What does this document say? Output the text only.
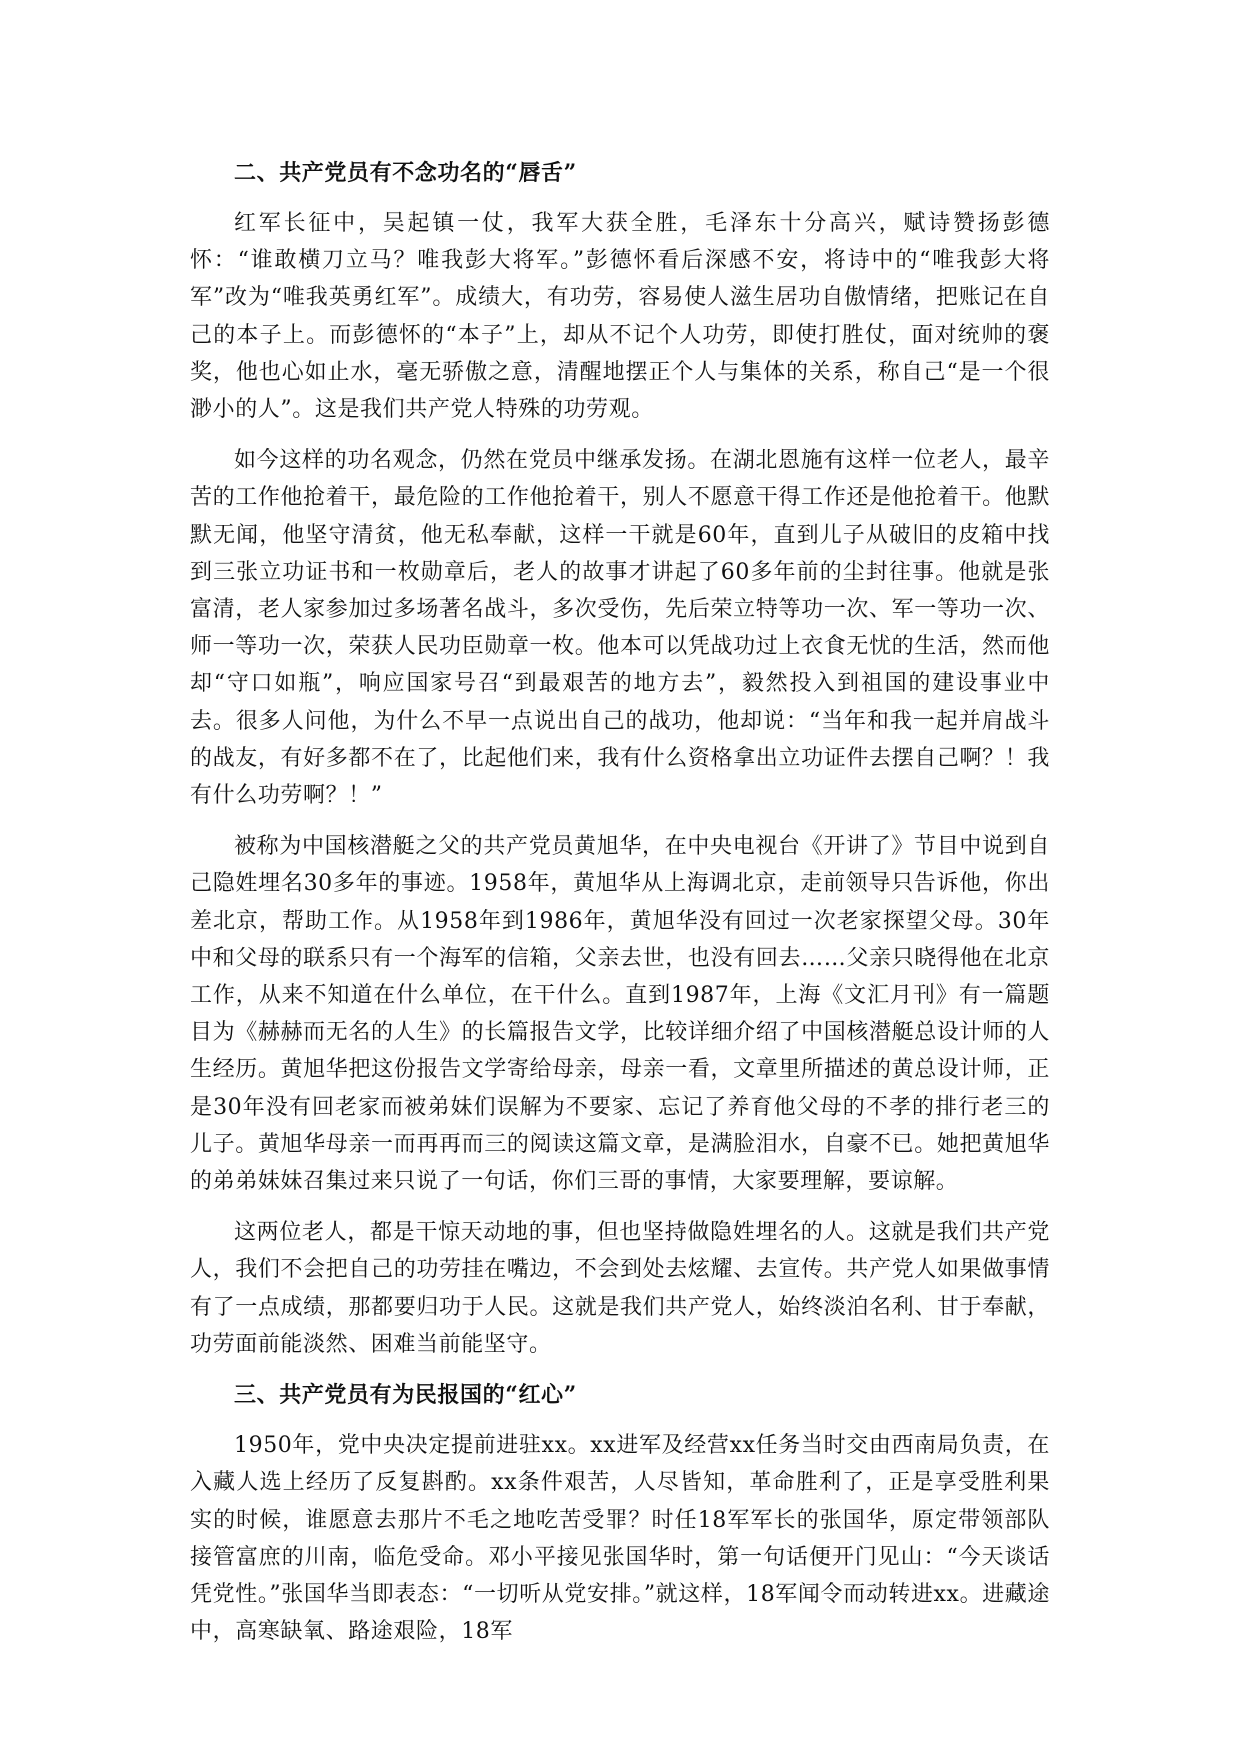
二、共产党员有不念功名的“唇舌”

红军长征中，吴起镇一仗，我军大获全胜，毛泽东十分高兴，赋诗赞扬彭德怀：“谁敢横刀立马？唯我彭大将军。”彭德怀看后深感不安，将诗中的“唯我彭大将军”改为“唯我英勇红军”。成绩大，有功劳，容易使人滋生居功自傲情绪，把账记在自己的本子上。而彭德怀的“本子”上，却从不记个人功劳，即使打胜仗，面对统帅的褒奖，他也心如止水，毫无骄傲之意，清醒地摆正个人与集体的关系，称自己“是一个很渺小的人”。这是我们共产党人特殊的功劳观。

如今这样的功名观念，仍然在党员中继承发扬。在湖北恩施有这样一位老人，最辛苦的工作他抢着干，最危险的工作他抢着干，别人不愿意干得工作还是他抢着干。他默默无闻，他坚守清贫，他无私奉献，这样一干就是60年，直到儿子从破旧的皮箱中找到三张立功证书和一枚勋章后，老人的故事才讲起了60多年前的尘封往事。他就是张富清，老人家参加过多场著名战斗，多次受伤，先后荣立特等功一次、军一等功一次、师一等功一次，荣获人民功臣勋章一枚。他本可以凭战功过上衣食无忧的生活，然而他却“守口如瓶”，响应国家号召“到最艰苦的地方去”，毅然投入到祖国的建设事业中去。很多人问他，为什么不早一点说出自己的战功，他却说：“当年和我一起并肩战斗的战友，有好多都不在了，比起他们来，我有什么资格拿出立功证件去摆自己啊？！我有什么功劳啊？！”

被称为中国核潜艇之父的共产党员黄旭华，在中央电视台《开讲了》节目中说到自己隐姓埋名30多年的事迹。1958年，黄旭华从上海调北京，走前领导只告诉他，你出差北京，帮助工作。从1958年到1986年，黄旭华没有回过一次老家探望父母。30年中和父母的联系只有一个海军的信箱，父亲去世，也没有回去……父亲只晓得他在北京工作，从来不知道在什么单位，在干什么。直到1987年，上海《文汇月刊》有一篇题目为《赫赫而无名的人生》的长篇报告文学，比较详细介绍了中国核潜艇总设计师的人生经历。黄旭华把这份报告文学寄给母亲，母亲一看，文章里所描述的黄总设计师，正是30年没有回老家而被弟妹们误解为不要家、忘记了养育他父母的不孝的排行老三的儿子。黄旭华母亲一而再再而三的阅读这篇文章，是满脸泪水，自豪不已。她把黄旭华的弟弟妹妹召集过来只说了一句话，你们三哥的事情，大家要理解，要谅解。

这两位老人，都是干惊天动地的事，但也坚持做隐姓埋名的人。这就是我们共产党人，我们不会把自己的功劳挂在嘴边，不会到处去炫耀、去宣传。共产党人如果做事情有了一点成绩，那都要归功于人民。这就是我们共产党人，始终淡泊名利、甘于奉献，功劳面前能淡然、困难当前能坚守。

三、共产党员有为民报国的“红心”

1950年，党中央决定提前进驻xx。xx进军及经营xx任务当时交由西南局负责，在入藏人选上经历了反复斟酌。xx条件艰苦，人尽皆知，革命胜利了，正是享受胜利果实的时候，谁愿意去那片不毛之地吃苦受罪？时任18军军长的张国华，原定带领部队接管富庶的川南，临危受命。邓小平接见张国华时，第一句话便开门见山：“今天谈话凭党性。”张国华当即表态：“一切听从党安排。”就这样，18军闻令而动转进xx。进藏途中，高寒缺氧、路途艰险，18军
